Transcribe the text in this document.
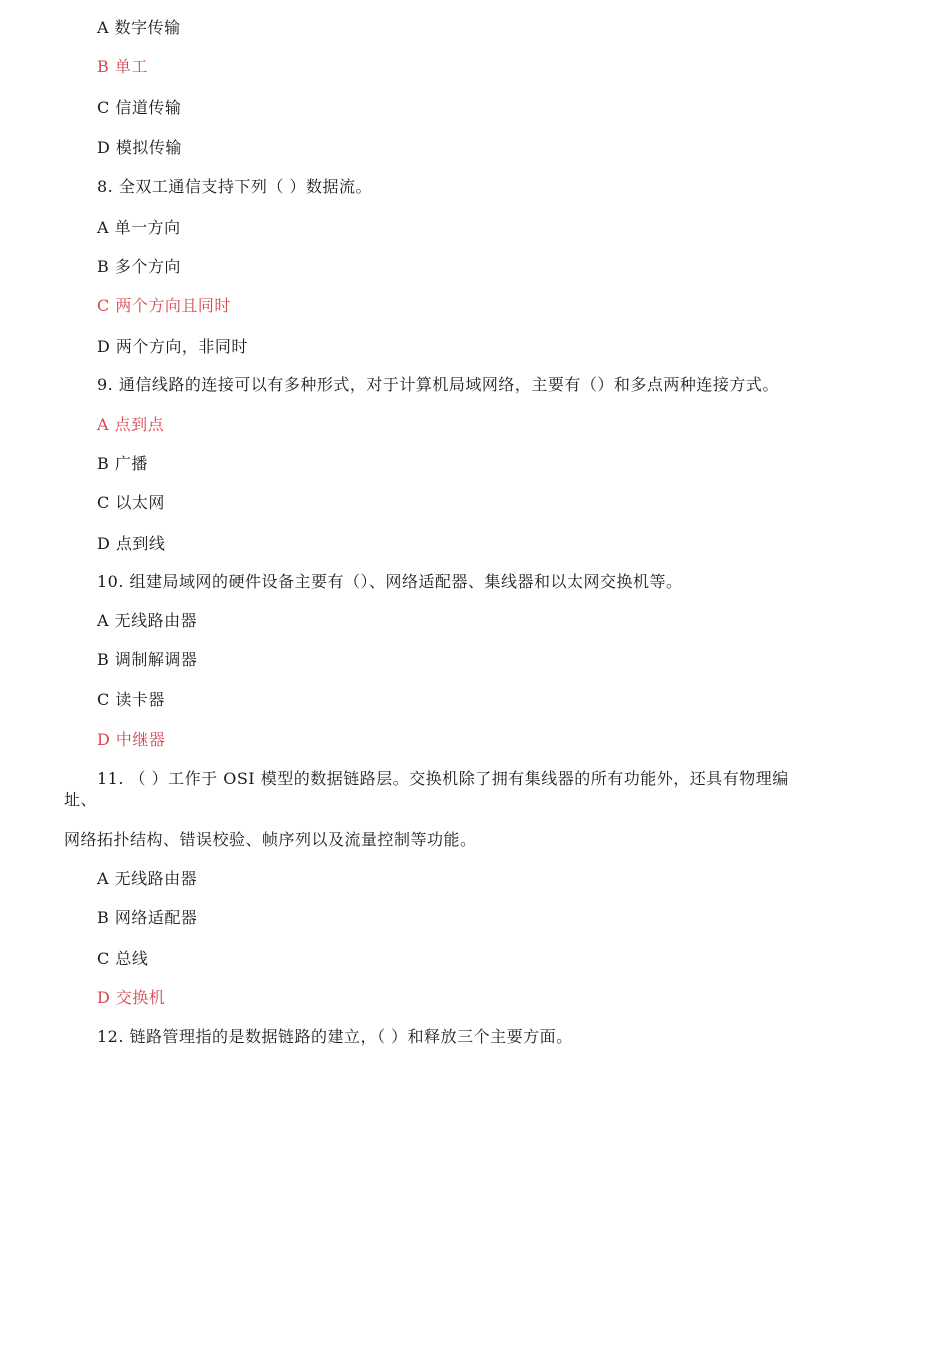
A 数字传输
B 单工
C 信道传输
D 模拟传输
8. 全双工通信支持下列（ ）数据流。
A 单一方向
B 多个方向
C 两个方向且同时
D 两个方向，非同时
9. 通信线路的连接可以有多种形式，对于计算机局域网络，主要有（）和多点两种连接方式。
A 点到点
B 广播
C 以太网
D 点到线
10. 组建局域网的硬件设备主要有（）、网络适配器、集线器和以太网交换机等。
A 无线路由器
B 调制解调器
C 读卡器
D 中继器
11. （ ）工作于 OSI 模型的数据链路层。交换机除了拥有集线器的所有功能外，还具有物理编
址、
网络拓扑结构、错误校验、帧序列以及流量控制等功能。
A 无线路由器
B 网络适配器
C 总线
D 交换机
12. 链路管理指的是数据链路的建立，（ ）和释放三个主要方面。
